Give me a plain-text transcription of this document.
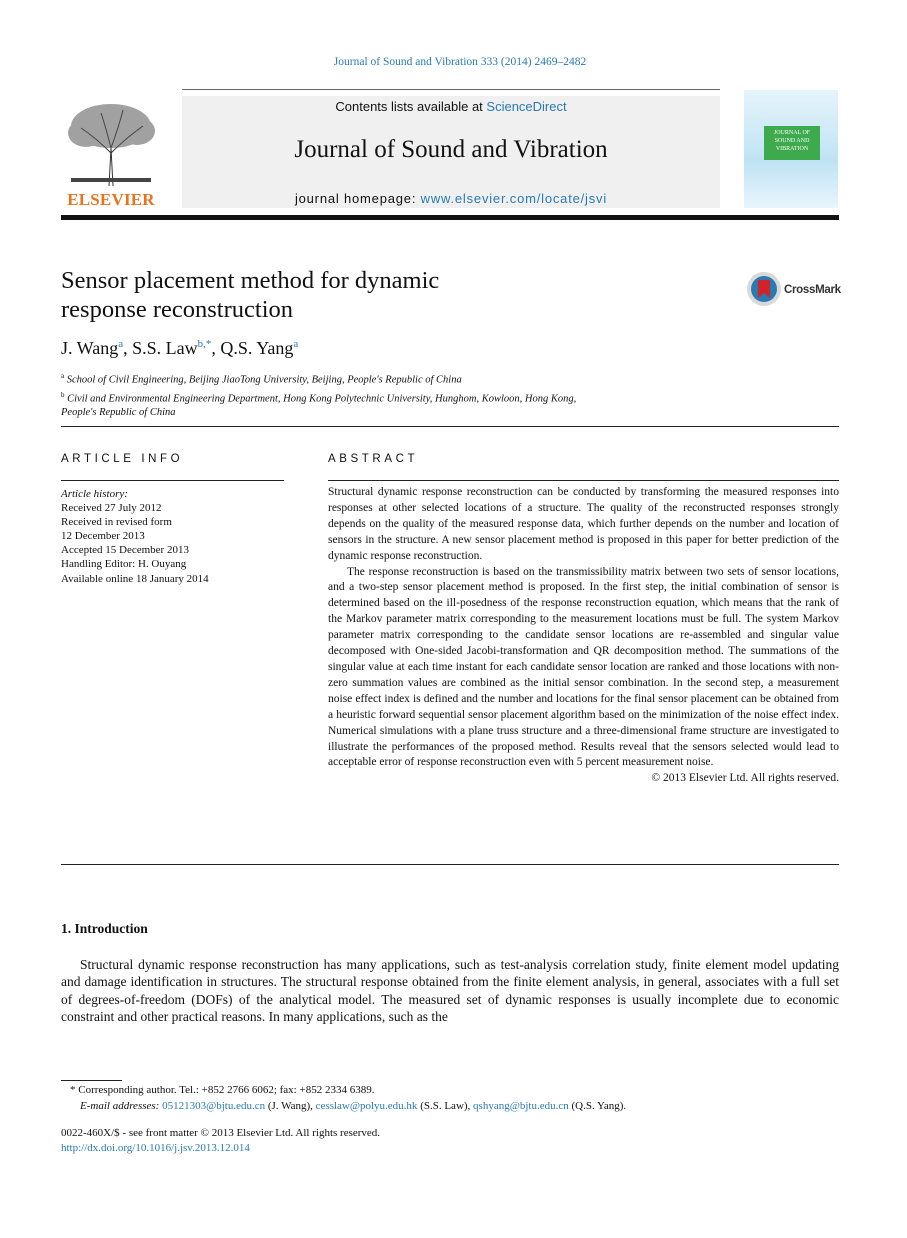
Journal of Sound and Vibration 333 (2014) 2469–2482
ELSEVIER
Contents lists available at ScienceDirect
Journal of Sound and Vibration
journal homepage: www.elsevier.com/locate/jsvi
JOURNAL OF SOUND AND VIBRATION
Sensor placement method for dynamic
response reconstruction
CrossMark
J. Wang$^a$, S.S. Law$^{b,*}$, Q.S. Yang$^a$
$^a$ School of Civil Engineering, Beijing JiaoTong University, Beijing, People's Republic of China
$^b$ Civil and Environmental Engineering Department, Hong Kong Polytechnic University, Hunghom, Kowloon, Hong Kong,
People's Republic of China
ARTICLE INFO
Article history:
Received 27 July 2012
Received in revised form
12 December 2013
Accepted 15 December 2013
Handling Editor: H. Ouyang
Available online 18 January 2014
ABSTRACT

Structural dynamic response reconstruction can be conducted by transforming the measured responses into responses at other selected locations of a structure. The quality of the reconstructed responses strongly depends on the quality of the measured response data, which further depends on the number and location of sensors in the structure. A new sensor placement method is proposed in this paper for better prediction of the dynamic response reconstruction.

The response reconstruction is based on the transmissibility matrix between two sets of sensor locations, and a two-step sensor placement method is proposed. In the first step, the initial combination of sensor is determined based on the ill-posedness of the response reconstruction equation, which means that the rank of the Markov parameter matrix corresponding to the measurement locations must be full. The system Markov parameter matrix corresponding to the candidate sensor locations are re-assembled and singular value decomposed with One-sided Jacobi-transformation and QR decomposition method. The summations of the singular value at each time instant for each candidate sensor location are ranked and those locations with non-zero summation values are combined as the initial sensor combination. In the second step, a measurement noise effect index is defined and the number and locations for the final sensor placement can be obtained from a heuristic forward sequential sensor placement algorithm based on the minimization of the noise effect index. Numerical simulations with a plane truss structure and a three-dimensional frame structure are investigated to illustrate the performances of the proposed method. Results reveal that the sensors selected would lead to acceptable error of response reconstruction even with 5 percent measurement noise.

© 2013 Elsevier Ltd. All rights reserved.
1. Introduction

Structural dynamic response reconstruction has many applications, such as test-analysis correlation study, finite element model updating and damage identification in structures. The structural response obtained from the finite element analysis, in general, associates with a full set of degrees-of-freedom (DOFs) of the analytical model. The measured set of dynamic responses is usually incomplete due to economic constraint and other practical reasons. In many applications, such as the

* Corresponding author. Tel.: +852 2766 6062; fax: +852 2334 6389.
E-mail addresses: 05121303@bjtu.edu.cn (J. Wang), cesslaw@polyu.edu.hk (S.S. Law), qshyang@bjtu.edu.cn (Q.S. Yang).
0022-460X/$ - see front matter © 2013 Elsevier Ltd. All rights reserved.
http://dx.doi.org/10.1016/j.jsv.2013.12.014
